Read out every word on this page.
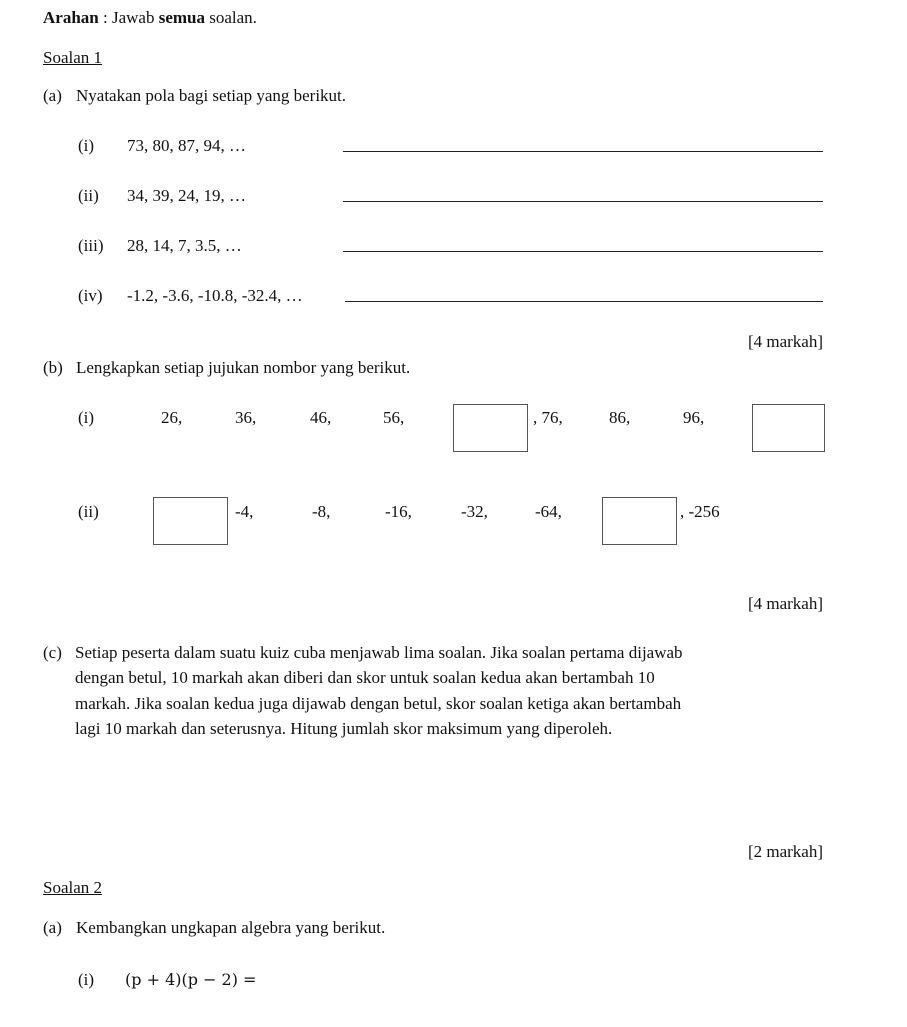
Arahan : Jawab semua soalan.
Soalan 1
(a) Nyatakan pola bagi setiap yang berikut.
(i) 73, 80, 87, 94, …
(ii) 34, 39, 24, 19, …
(iii) 28, 14, 7, 3.5, …
(iv) -1.2, -3.6, -10.8, -32.4, …
[4 markah]
(b) Lengkapkan setiap jujukan nombor yang berikut.
(i)	26,	36,	46,	56,	, 76,	86,	96,
(ii)	-4,	-8,	-16,	-32,	-64,	, -256
[4 markah]
(c) Setiap peserta dalam suatu kuiz cuba menjawab lima soalan. Jika soalan pertama dijawab
dengan betul, 10 markah akan diberi dan skor untuk soalan kedua akan bertambah 10
markah. Jika soalan kedua juga dijawab dengan betul, skor soalan ketiga akan bertambah
lagi 10 markah dan seterusnya. Hitung jumlah skor maksimum yang diperoleh.
[2 markah]
Soalan 2
(a) Kembangkan ungkapan algebra yang berikut.
(i) (p + 4)(p − 2) =
